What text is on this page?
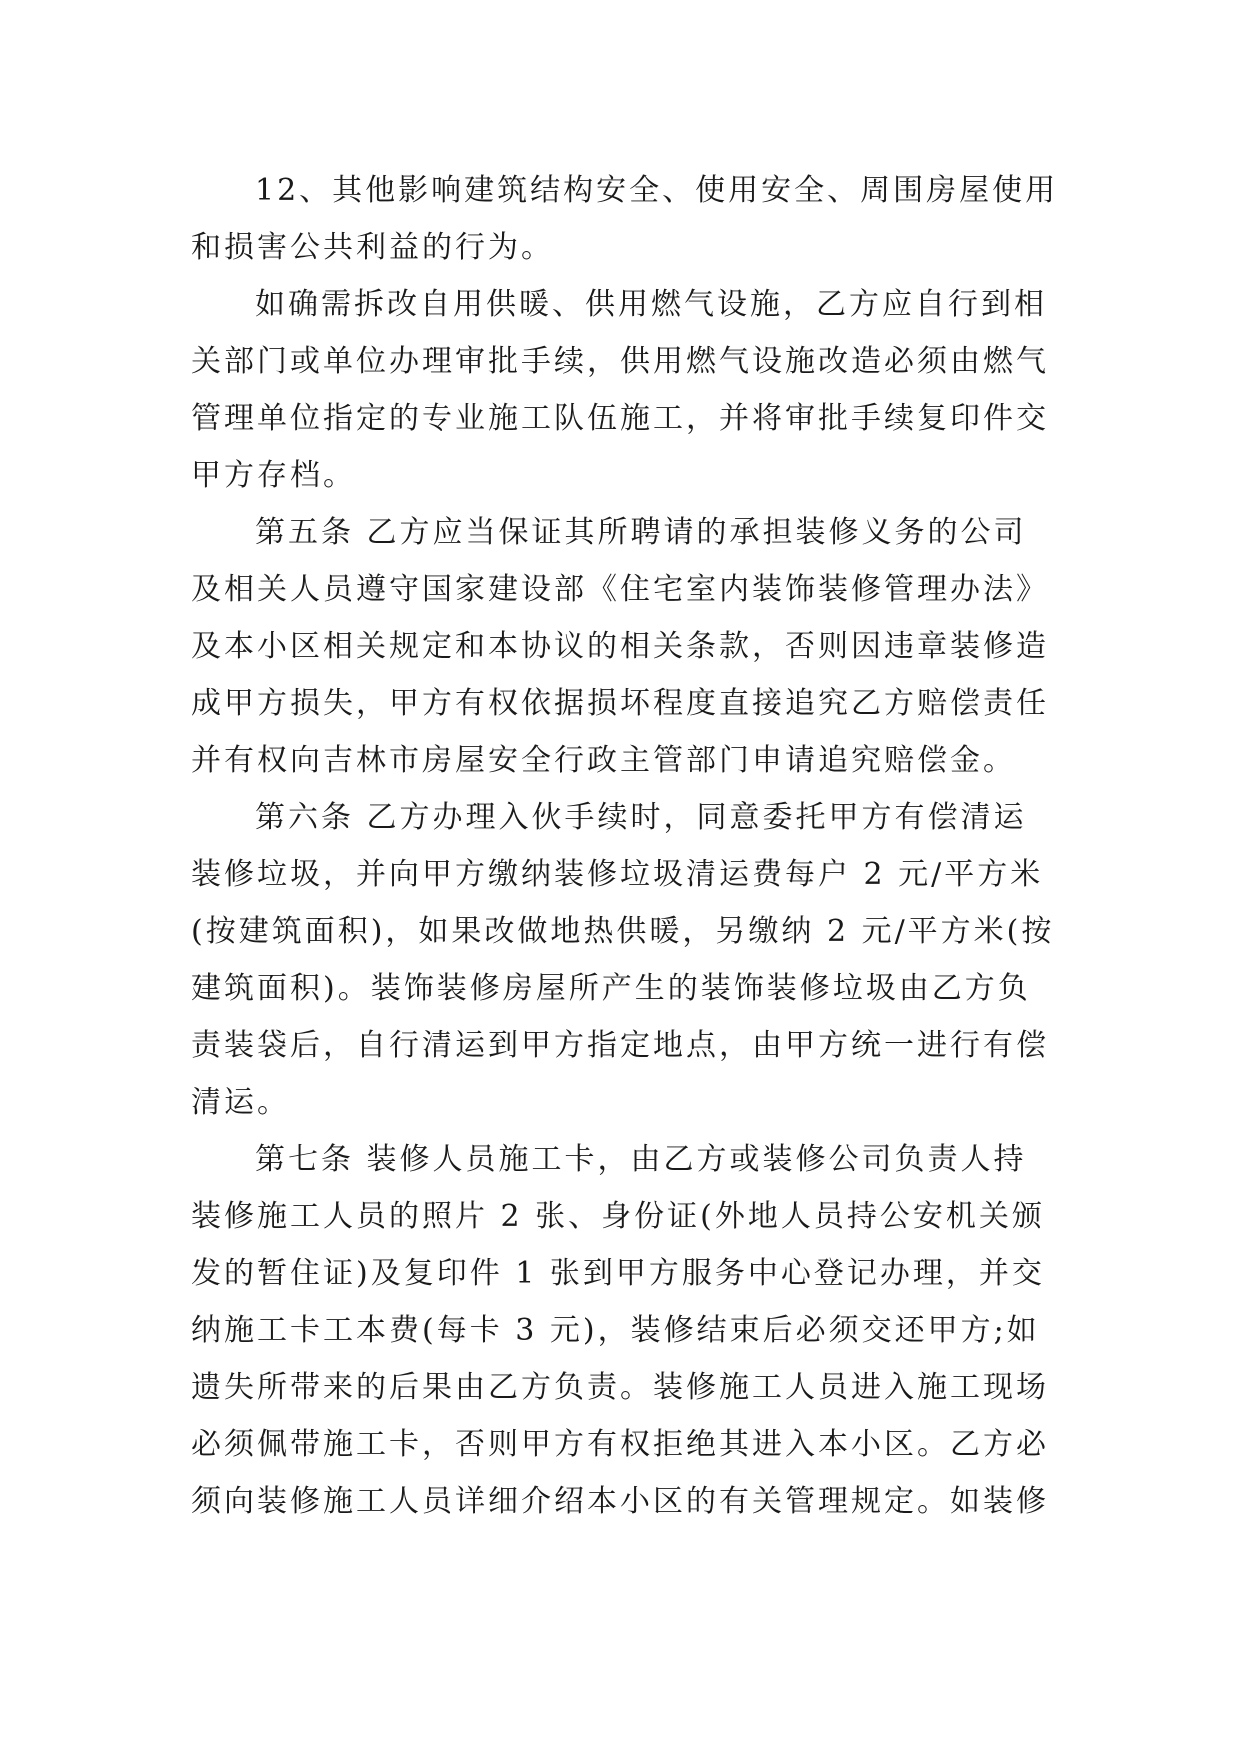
12、其他影响建筑结构安全、使用安全、周围房屋使用
和损害公共利益的行为。
如确需拆改自用供暖、供用燃气设施，乙方应自行到相
关部门或单位办理审批手续，供用燃气设施改造必须由燃气
管理单位指定的专业施工队伍施工，并将审批手续复印件交
甲方存档。
第五条 乙方应当保证其所聘请的承担装修义务的公司
及相关人员遵守国家建设部《住宅室内装饰装修管理办法》
及本小区相关规定和本协议的相关条款，否则因违章装修造
成甲方损失，甲方有权依据损坏程度直接追究乙方赔偿责任
并有权向吉林市房屋安全行政主管部门申请追究赔偿金。
第六条 乙方办理入伙手续时，同意委托甲方有偿清运
装修垃圾，并向甲方缴纳装修垃圾清运费每户 2 元/平方米
(按建筑面积)，如果改做地热供暖，另缴纳 2 元/平方米(按
建筑面积)。装饰装修房屋所产生的装饰装修垃圾由乙方负
责装袋后，自行清运到甲方指定地点，由甲方统一进行有偿
清运。
第七条 装修人员施工卡，由乙方或装修公司负责人持
装修施工人员的照片 2 张、身份证(外地人员持公安机关颁
发的暂住证)及复印件 1 张到甲方服务中心登记办理，并交
纳施工卡工本费(每卡 3 元)，装修结束后必须交还甲方;如
遗失所带来的后果由乙方负责。装修施工人员进入施工现场
必须佩带施工卡，否则甲方有权拒绝其进入本小区。乙方必
须向装修施工人员详细介绍本小区的有关管理规定。如装修
